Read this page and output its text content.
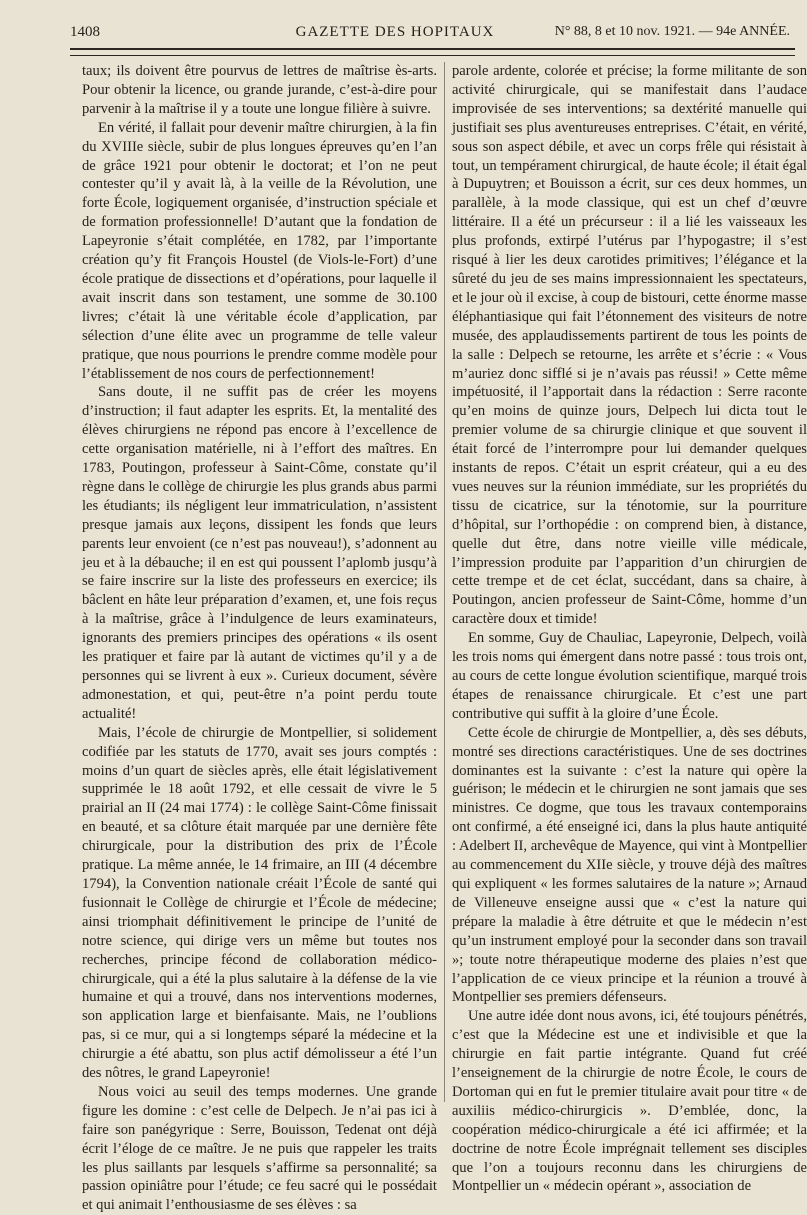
1408	GAZETTE DES HOPITAUX	N° 88, 8 et 10 nov. 1921. — 94e ANNÉE.

taux; ils doivent être pourvus de lettres de maîtrise ès-arts. Pour obtenir la licence, ou grande jurande, c’est-à-dire pour parvenir à la maîtrise il y a toute une longue filière à suivre.

En vérité, il fallait pour devenir maître chirurgien, à la fin du XVIIIe siècle, subir de plus longues épreuves qu’en l’an de grâce 1921 pour obtenir le doctorat; et l’on ne peut contester qu’il y avait là, à la veille de la Révolution, une forte École, logiquement organisée, d’instruction spéciale et de formation professionnelle! D’autant que la fondation de Lapeyronie s’était complétée, en 1782, par l’importante création qu’y fit François Houstel (de Viols-le-Fort) d’une école pratique de dissections et d’opérations, pour laquelle il avait inscrit dans son testament, une somme de 30.100 livres; c’était là une véritable école d’application, par sélection d’une élite avec un programme de telle valeur pratique, que nous pourrions le prendre comme modèle pour l’établissement de nos cours de perfectionnement!

Sans doute, il ne suffit pas de créer les moyens d’instruction; il faut adapter les esprits. Et, la mentalité des élèves chirurgiens ne répond pas encore à l’excellence de cette organisation matérielle, ni à l’effort des maîtres. En 1783, Poutingon, professeur à Saint-Côme, constate qu’il règne dans le collège de chirurgie les plus grands abus parmi les étudiants; ils négligent leur immatriculation, n’assistent presque jamais aux leçons, dissipent les fonds que leurs parents leur envoient (ce n’est pas nouveau!), s’adonnent au jeu et à la débauche; il en est qui poussent l’aplomb jusqu’à se faire inscrire sur la liste des professeurs en exercice; ils bâclent en hâte leur préparation d’examen, et, une fois reçus à la maîtrise, grâce à l’indulgence de leurs examinateurs, ignorants des premiers principes des opérations « ils osent les pratiquer et faire par là autant de victimes qu’il y a de personnes qui se livrent à eux ». Curieux document, sévère admonestation, et qui, peut-être n’a point perdu toute actualité!

Mais, l’école de chirurgie de Montpellier, si solidement codifiée par les statuts de 1770, avait ses jours comptés : moins d’un quart de siècles après, elle était législativement supprimée le 18 août 1792, et elle cessait de vivre le 5 prairial an II (24 mai 1774) : le collège Saint-Côme finissait en beauté, et sa clôture était marquée par une dernière fête chirurgicale, pour la distribution des prix de l’École pratique. La même année, le 14 frimaire, an III (4 décembre 1794), la Convention nationale créait l’École de santé qui fusionnait le Collège de chirurgie et l’École de médecine; ainsi triomphait définitivement le principe de l’unité de notre science, qui dirige vers un même but toutes nos recherches, principe fécond de collaboration médico-chirurgicale, qui a été la plus salutaire à la défense de la vie humaine et qui a trouvé, dans nos interventions modernes, son application large et bienfaisante. Mais, ne l’oublions pas, si ce mur, qui a si longtemps séparé la médecine et la chirurgie a été abattu, son plus actif démolisseur a été l’un des nôtres, le grand Lapeyronie!

Nous voici au seuil des temps modernes. Une grande figure les domine : c’est celle de Delpech. Je n’ai pas ici à faire son panégyrique : Serre, Bouisson, Tedenat ont déjà écrit l’éloge de ce maître. Je ne puis que rappeler les traits les plus saillants par lesquels s’affirme sa personnalité; sa passion opiniâtre pour l’étude; ce feu sacré qui le possédait et qui animait l’enthousiasme de ses élèves : sa

parole ardente, colorée et précise; la forme militante de son activité chirurgicale, qui se manifestait dans l’audace improvisée de ses interventions; sa dextérité manuelle qui justifiait ses plus aventureuses entreprises. C’était, en vérité, sous son aspect débile, et avec un corps frêle qui résistait à tout, un tempérament chirurgical, de haute école; il était égal à Dupuytren; et Bouisson a écrit, sur ces deux hommes, un parallèle, à la mode classique, qui est un chef d’œuvre littéraire. Il a été un précurseur : il a lié les vaisseaux les plus profonds, extirpé l’utérus par l’hypogastre; il s’est risqué à lier les deux carotides primitives; l’élégance et la sûreté du jeu de ses mains impressionnaient les spectateurs, et le jour où il excise, à coup de bistouri, cette énorme masse éléphantiasique qui fait l’étonnement des visiteurs de notre musée, des applaudissements partirent de tous les points de la salle : Delpech se retourne, les arrête et s’écrie : « Vous m’auriez donc sifflé si je n’avais pas réussi! » Cette même impétuosité, il l’apportait dans la rédaction : Serre raconte qu’en moins de quinze jours, Delpech lui dicta tout le premier volume de sa chirurgie clinique et que souvent il était forcé de l’interrompre pour lui demander quelques instants de repos. C’était un esprit créateur, qui a eu des vues neuves sur la réunion immédiate, sur les propriétés du tissu de cicatrice, sur la ténotomie, sur la pourriture d’hôpital, sur l’orthopédie : on comprend bien, à distance, quelle dut être, dans notre vieille ville médicale, l’impression produite par l’apparition d’un chirurgien de cette trempe et de cet éclat, succédant, dans sa chaire, à Poutingon, ancien professeur de Saint-Côme, homme d’un caractère doux et timide!

En somme, Guy de Chauliac, Lapeyronie, Delpech, voilà les trois noms qui émergent dans notre passé : tous trois ont, au cours de cette longue évolution scientifique, marqué trois étapes de renaissance chirurgicale. Et c’est une part contributive qui suffit à la gloire d’une École.

Cette école de chirurgie de Montpellier, a, dès ses débuts, montré ses directions caractéristiques. Une de ses doctrines dominantes est la suivante : c’est la nature qui opère la guérison; le médecin et le chirurgien ne sont jamais que ses ministres. Ce dogme, que tous les travaux contemporains ont confirmé, a été enseigné ici, dans la plus haute antiquité : Adelbert II, archevêque de Mayence, qui vint à Montpellier au commencement du XIIe siècle, y trouve déjà des maîtres qui expliquent « les formes salutaires de la nature »; Arnaud de Villeneuve enseigne aussi que « c’est la nature qui prépare la maladie à être détruite et que le médecin n’est qu’un instrument employé pour la seconder dans son travail »; toute notre thérapeutique moderne des plaies n’est que l’application de ce vieux principe et la réunion a trouvé à Montpellier ses premiers défenseurs.

Une autre idée dont nous avons, ici, été toujours pénétrés, c’est que la Médecine est une et indivisible et que la chirurgie en fait partie intégrante. Quand fut créé l’enseignement de la chirurgie de notre École, le cours de Dortoman qui en fut le premier titulaire avait pour titre « de auxiliis médico-chirurgicis ». D’emblée, donc, la coopération médico-chirurgicale a été ici affirmée; et la doctrine de notre École imprégnait tellement ses disciples que l’on a toujours reconnu dans les chirurgiens de Montpellier un « médecin opérant », association de
